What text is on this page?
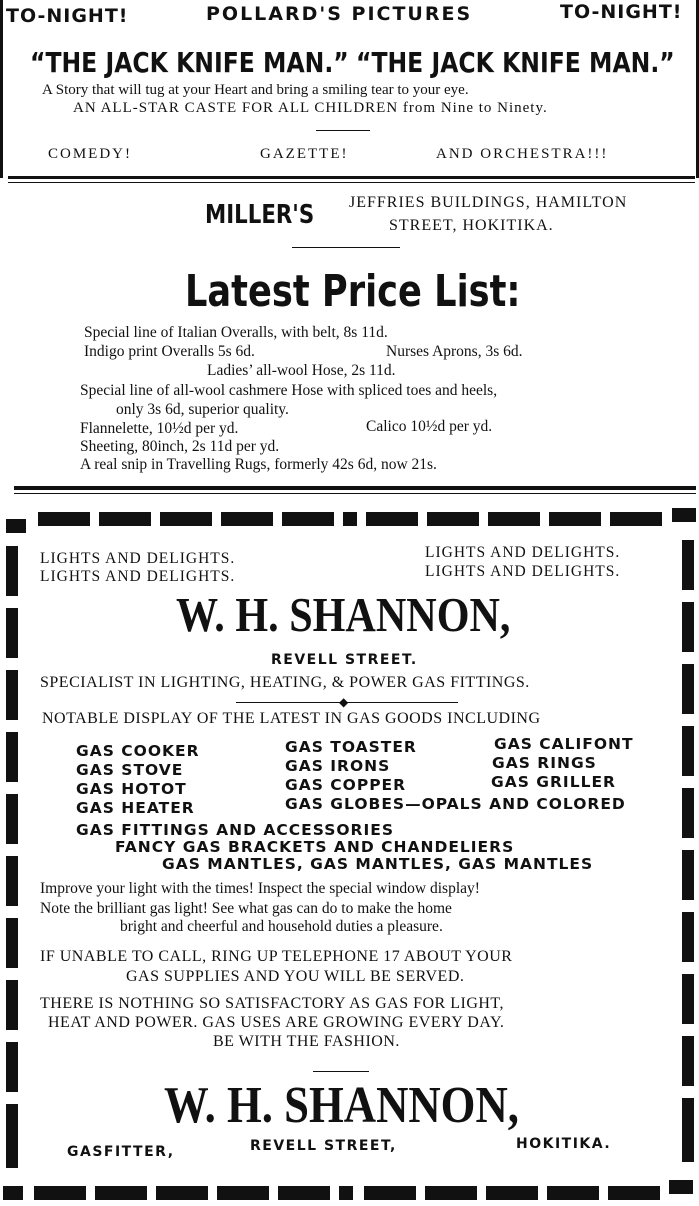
TO-NIGHT!	POLLARD'S PICTURES	TO-NIGHT!
“THE JACK KNIFE MAN.” “THE JACK KNIFE MAN.”
A Story that will tug at your Heart and bring a smiling tear to your eye.
AN ALL-STAR CASTE FOR ALL CHILDREN from Nine to Ninety.
COMEDY!	GAZETTE!	AND ORCHESTRA!!!
MILLER'S JEFFRIES BUILDINGS, HAMILTON
STREET, HOKITIKA.
Latest Price List:
Special line of Italian Overalls, with belt, 8s 11d.
Indigo print Overalls 5s 6d.	Nurses Aprons, 3s 6d.
Ladies’ all-wool Hose, 2s 11d.
Special line of all-wool cashmere Hose with spliced toes and heels,
only 3s 6d, superior quality.
Flannelette, 10½d per yd.	Calico 10½d per yd.
Sheeting, 80inch, 2s 11d per yd.
A real snip in Travelling Rugs, formerly 42s 6d, now 21s.
LIGHTS AND DELIGHTS.
LIGHTS AND DELIGHTS.
LIGHTS AND DELIGHTS.
LIGHTS AND DELIGHTS.
W. H. SHANNON,
REVELL STREET.
SPECIALIST IN LIGHTING, HEATING, & POWER GAS FITTINGS.
◆
NOTABLE DISPLAY OF THE LATEST IN GAS GOODS INCLUDING
GAS COOKER
GAS STOVE
GAS HOTOT
GAS HEATER
GAS TOASTER
GAS IRONS
GAS COPPER
GAS GLOBES—OPALS AND COLORED
GAS CALIFONT
GAS RINGS
GAS GRILLER
GAS FITTINGS AND ACCESSORIES
FANCY GAS BRACKETS AND CHANDELIERS
GAS MANTLES, GAS MANTLES, GAS MANTLES
Improve your light with the times! Inspect the special window display!
Note the brilliant gas light! See what gas can do to make the home
bright and cheerful and household duties a pleasure.
IF UNABLE TO CALL, RING UP TELEPHONE 17 ABOUT YOUR
GAS SUPPLIES AND YOU WILL BE SERVED.
THERE IS NOTHING SO SATISFACTORY AS GAS FOR LIGHT,
HEAT AND POWER. GAS USES ARE GROWING EVERY DAY.
BE WITH THE FASHION.
W. H. SHANNON,
GASFITTER,	REVELL STREET,	HOKITIKA.
